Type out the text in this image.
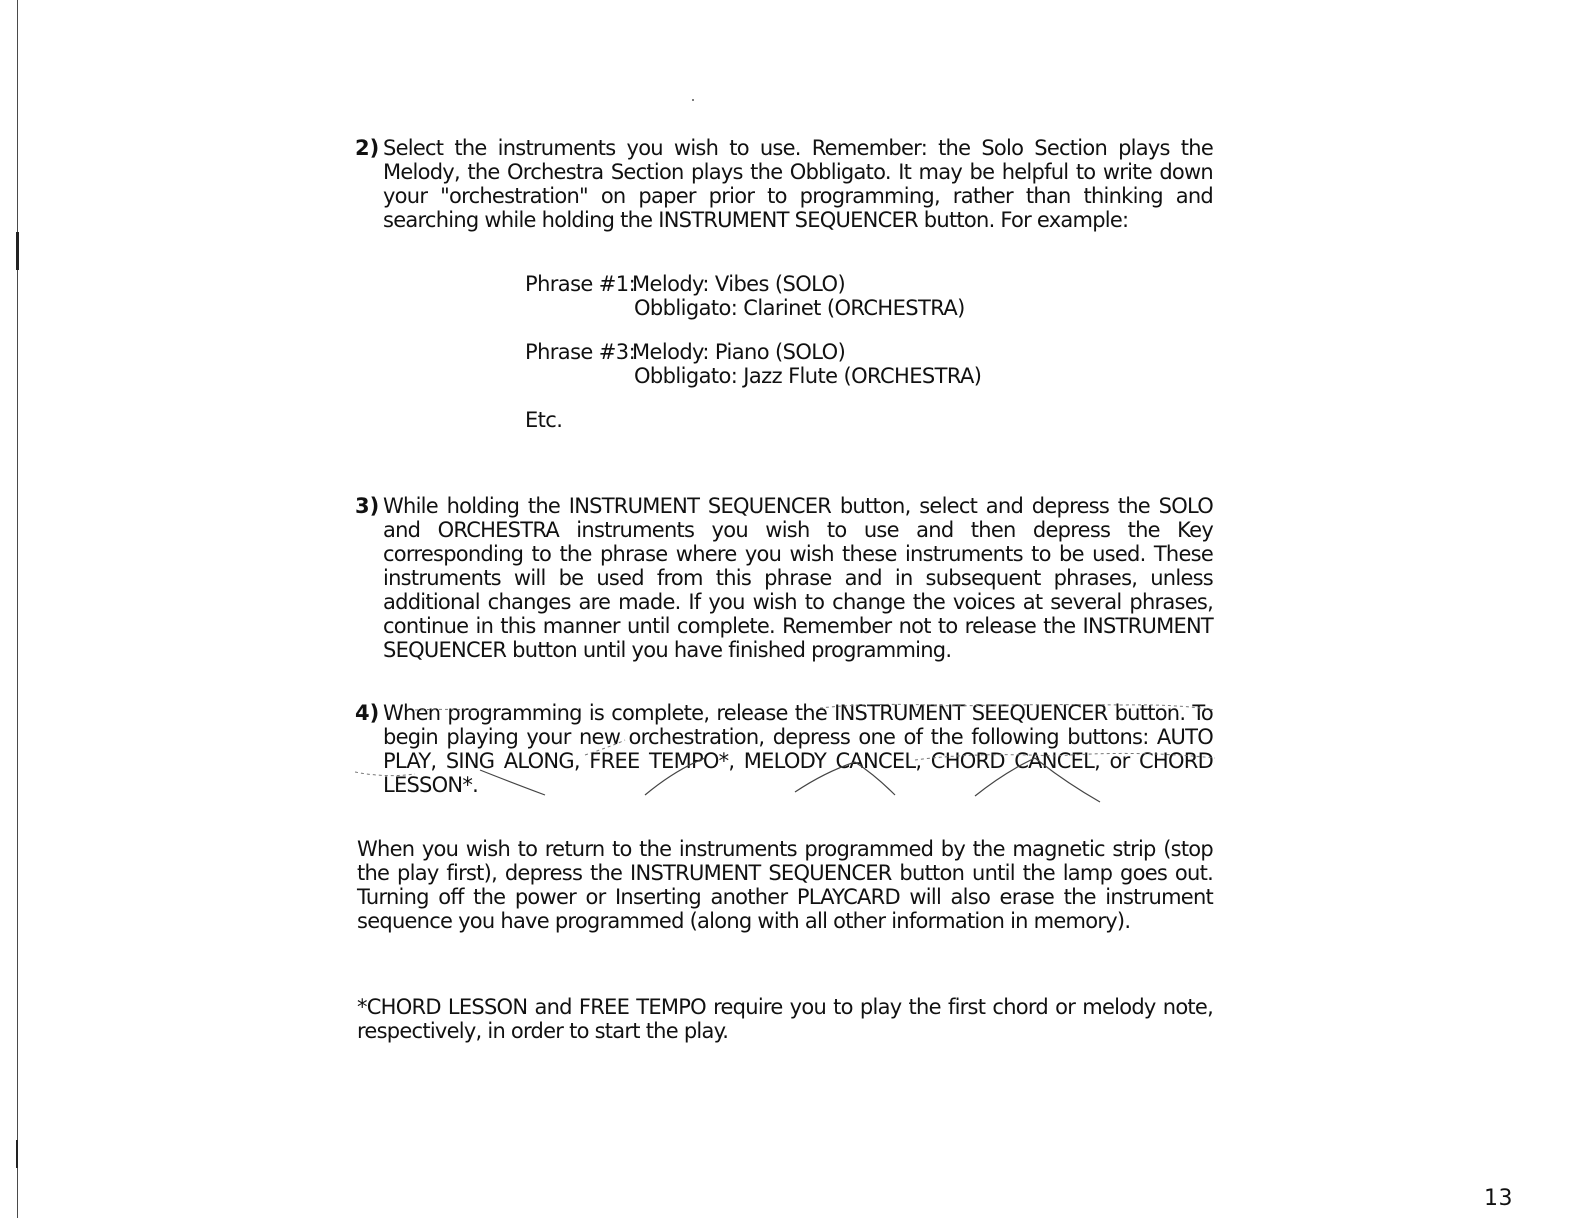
2) Select the instruments you wish to use. Remember: the Solo Section plays the Melody, the Orchestra Section plays the Obbligato. It may be helpful to write down your "orchestration" on paper prior to programming, rather than thinking and searching while holding the INSTRUMENT SEQUENCER button. For example:

Phrase #1:
Melody: Vibes (SOLO)
Obbligato: Clarinet (ORCHESTRA)
Phrase #3:
Melody: Piano (SOLO)
Obbligato: Jazz Flute (ORCHESTRA)
Etc.
3) While holding the INSTRUMENT SEQUENCER button, select and depress the SOLO and ORCHESTRA instruments you wish to use and then depress the Key corresponding to the phrase where you wish these instruments to be used. These instruments will be used from this phrase and in subsequent phrases, unless additional changes are made. If you wish to change the voices at several phrases, continue in this manner until complete. Remember not to release the INSTRUMENT SEQUENCER button until you have finished programming.

4) When programming is complete, release the INSTRUMENT SEEQUENCER button. To begin playing your new orchestration, depress one of the following buttons: AUTO PLAY, SING ALONG, FREE TEMPO*, MELODY CANCEL, CHORD CANCEL, or CHORD LESSON*.

When you wish to return to the instruments programmed by the magnetic strip (stop the play first), depress the INSTRUMENT SEQUENCER button until the lamp goes out. Turning off the power or Inserting another PLAYCARD will also erase the instrument sequence you have programmed (along with all other information in memory).

*CHORD LESSON and FREE TEMPO require you to play the first chord or melody note, respectively, in order to start the play.

13
